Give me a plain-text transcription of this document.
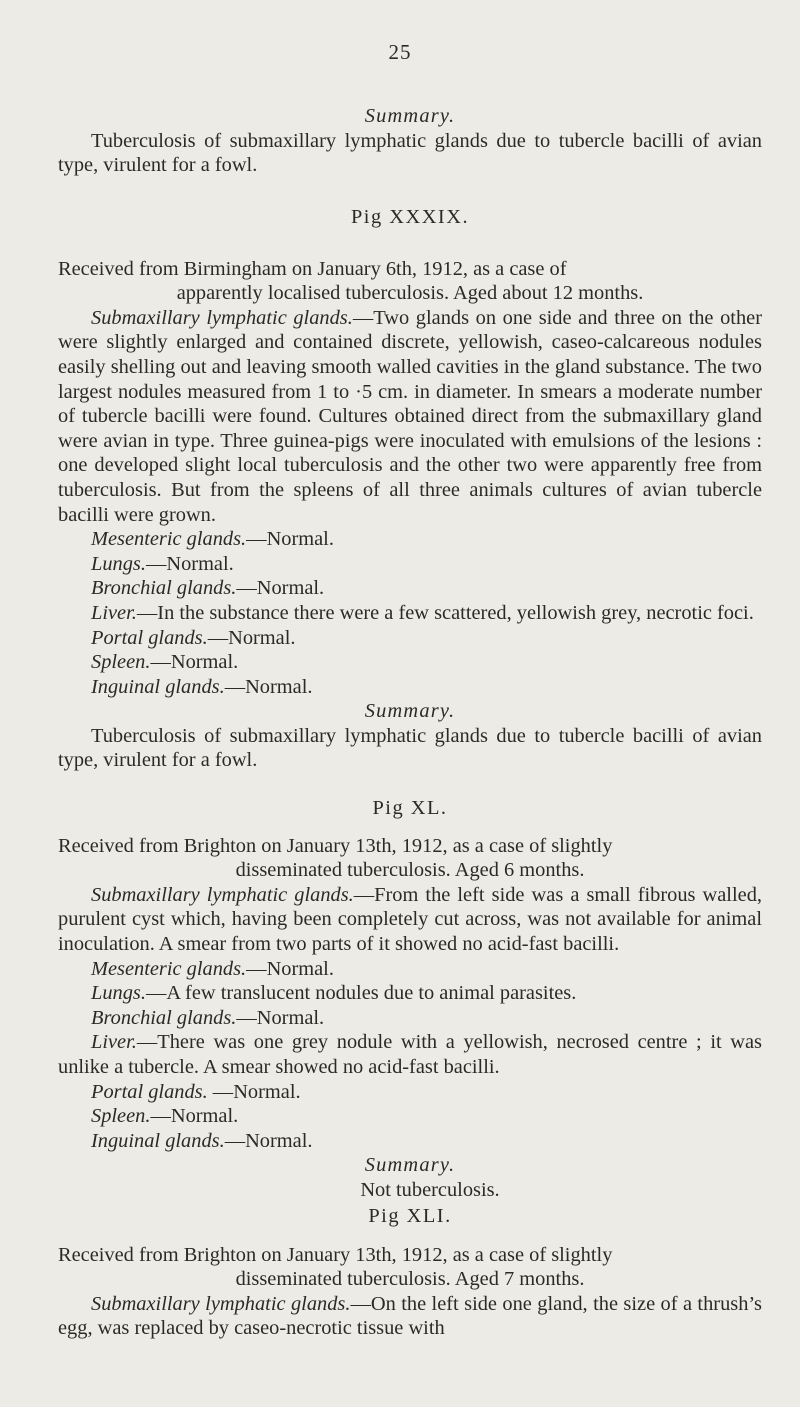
25

Summary.

Tuberculosis of submaxillary lymphatic glands due to tubercle bacilli of avian type, virulent for a fowl.

Pig XXXIX.

Received from Birmingham on January 6th, 1912, as a case of

apparently localised tuberculosis. Aged about 12 months.

Submaxillary lymphatic glands.—Two glands on one side and three on the other were slightly enlarged and contained discrete, yellowish, caseo-calcareous nodules easily shelling out and leaving smooth walled cavities in the gland substance. The two largest nodules measured from 1 to ·5 cm. in diameter. In smears a moderate number of tubercle bacilli were found. Cultures obtained direct from the submaxillary gland were avian in type. Three guinea-pigs were inoculated with emulsions of the lesions : one developed slight local tuberculosis and the other two were apparently free from tuberculosis. But from the spleens of all three animals cultures of avian tubercle bacilli were grown.

Mesenteric glands.—Normal.

Lungs.—Normal.

Bronchial glands.—Normal.

Liver.—In the substance there were a few scattered, yellowish grey, necrotic foci.

Portal glands.—Normal.

Spleen.—Normal.

Inguinal glands.—Normal.

Summary.

Tuberculosis of submaxillary lymphatic glands due to tubercle bacilli of avian type, virulent for a fowl.

Pig XL.

Received from Brighton on January 13th, 1912, as a case of slightly

disseminated tuberculosis. Aged 6 months.

Submaxillary lymphatic glands.—From the left side was a small fibrous walled, purulent cyst which, having been completely cut across, was not available for animal inoculation. A smear from two parts of it showed no acid-fast bacilli.

Mesenteric glands.—Normal.

Lungs.—A few translucent nodules due to animal parasites.

Bronchial glands.—Normal.

Liver.—There was one grey nodule with a yellowish, necrosed centre ; it was unlike a tubercle. A smear showed no acid-fast bacilli.

Portal glands. —Normal.

Spleen.—Normal.

Inguinal glands.—Normal.

Summary.

Not tuberculosis.

Pig XLI.

Received from Brighton on January 13th, 1912, as a case of slightly

disseminated tuberculosis. Aged 7 months.

Submaxillary lymphatic glands.—On the left side one gland, the size of a thrush’s egg, was replaced by caseo-necrotic tissue with
